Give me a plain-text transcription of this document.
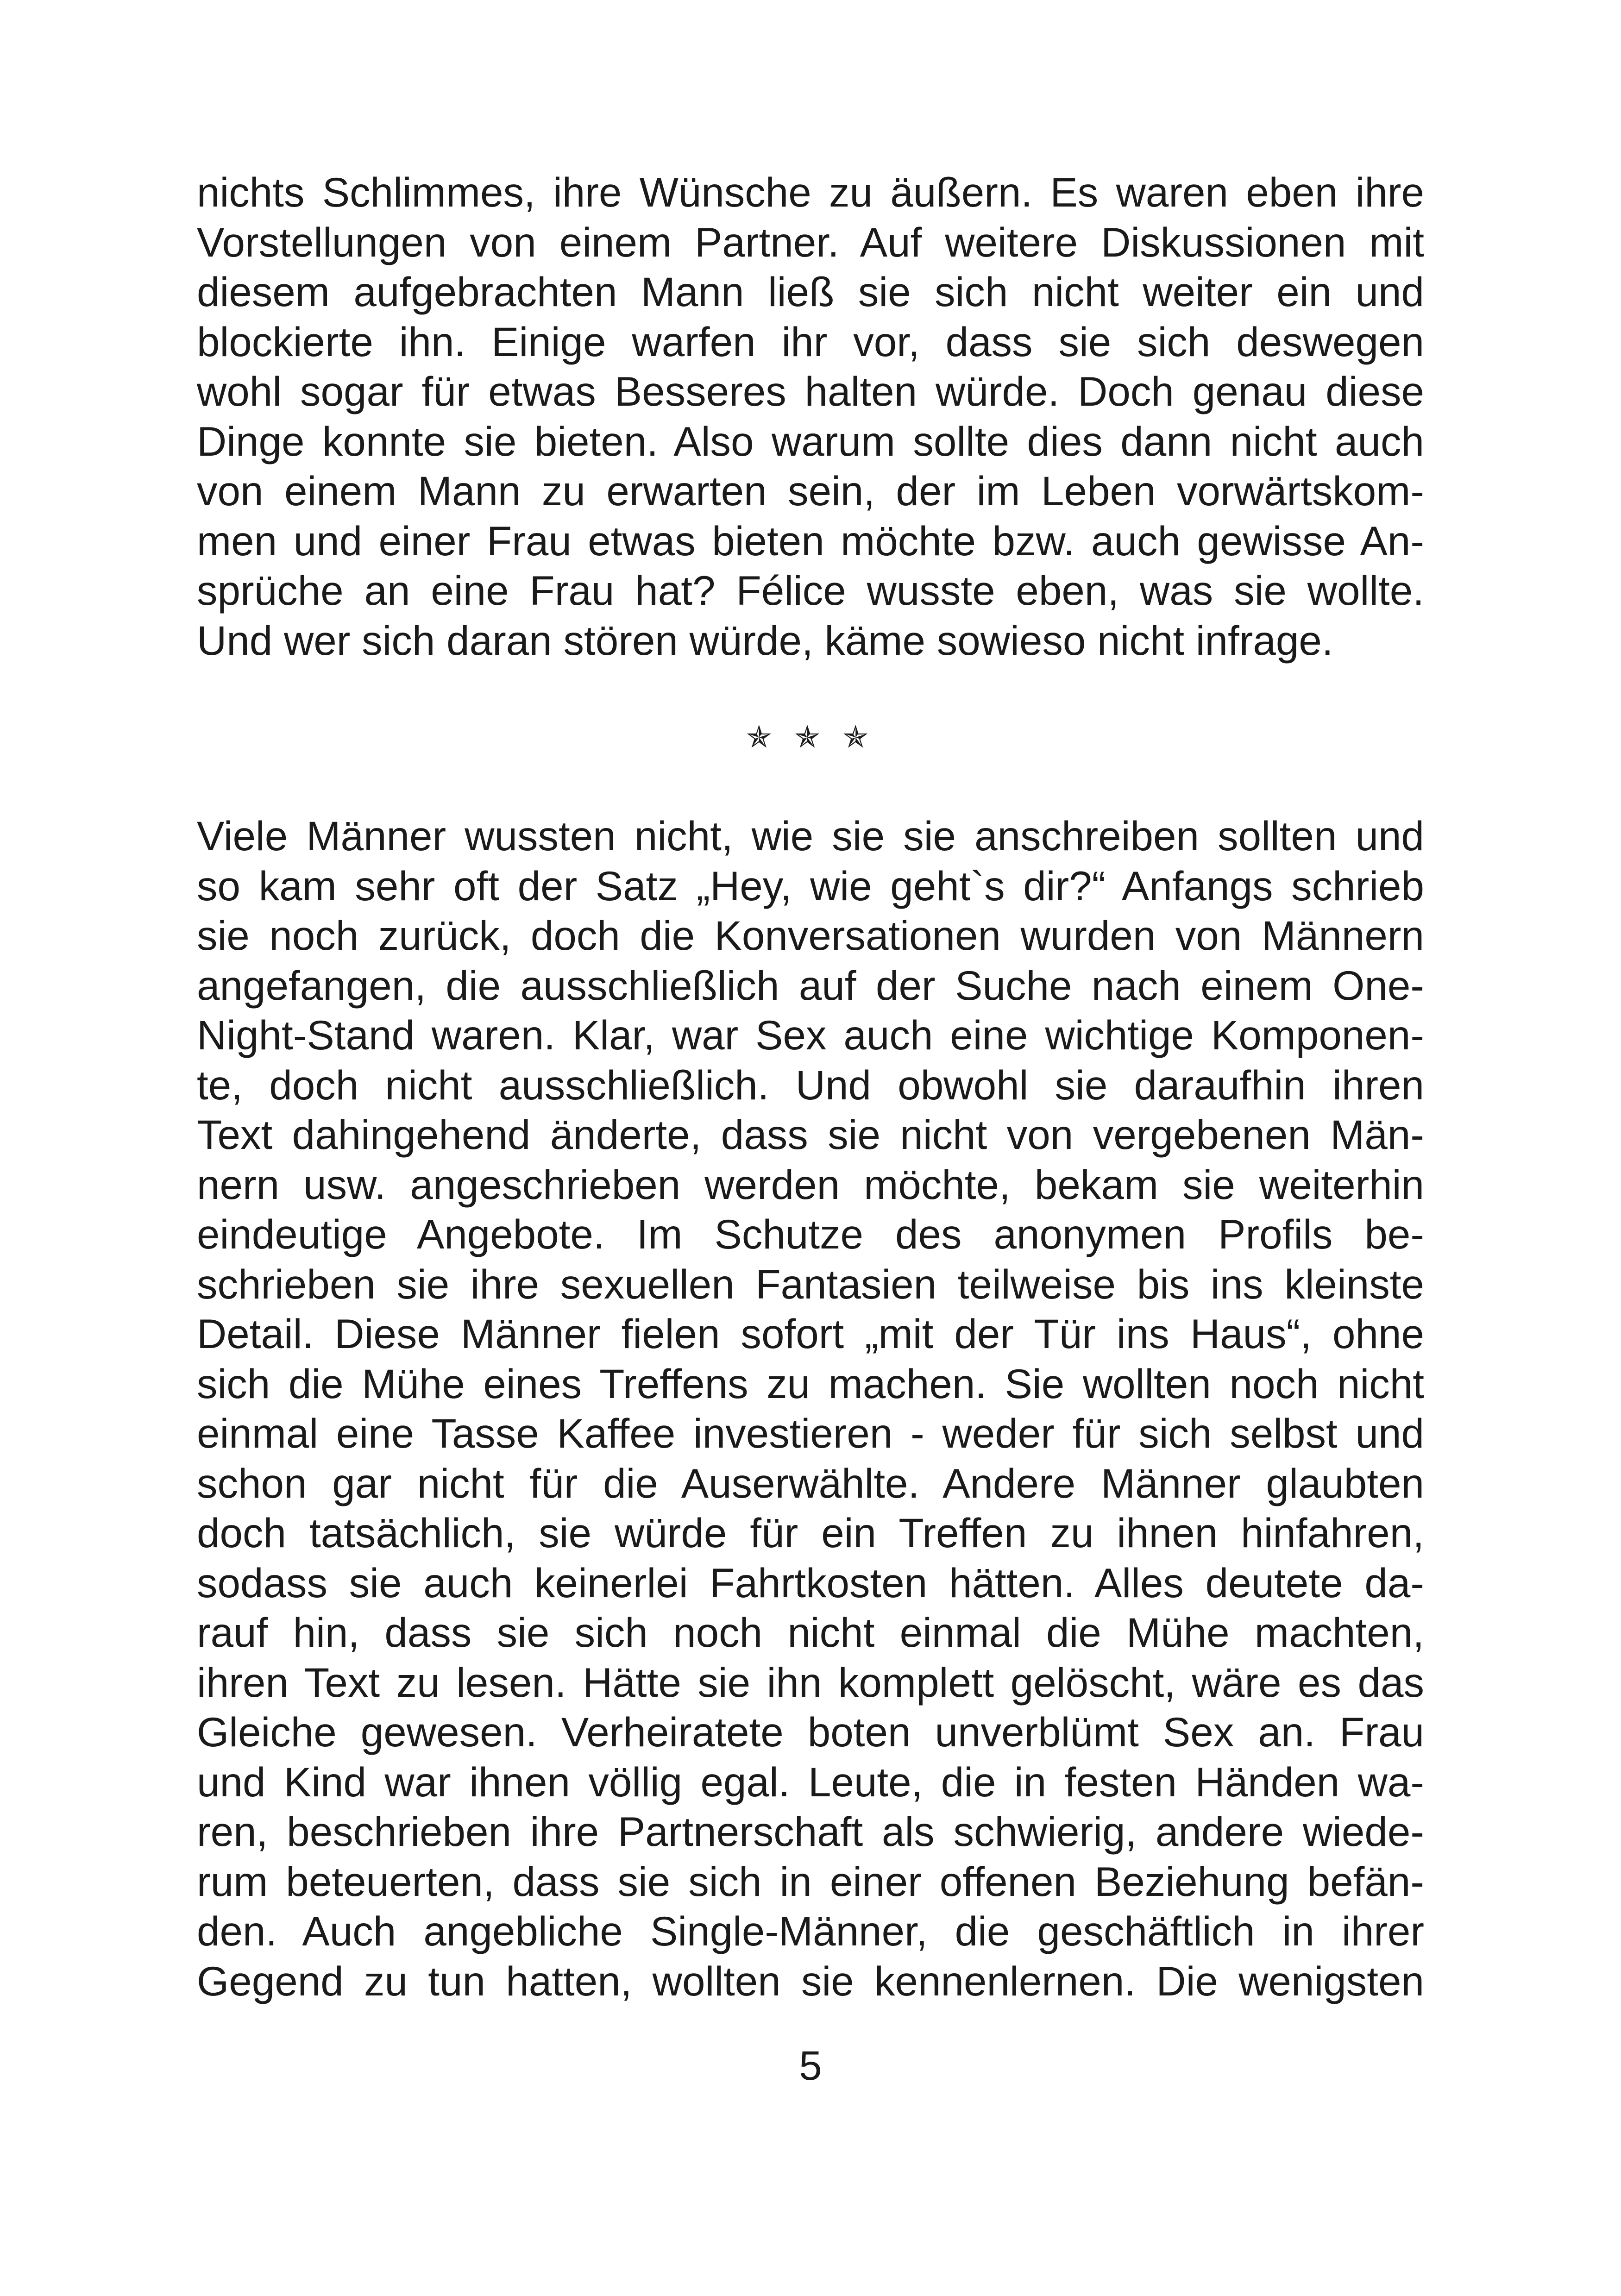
nichts Schlimmes, ihre Wünsche zu äußern. Es waren eben ihre
Vorstellungen von einem Partner. Auf weitere Diskussionen mit
diesem aufgebrachten Mann ließ sie sich nicht weiter ein und
blockierte ihn. Einige warfen ihr vor, dass sie sich deswegen
wohl sogar für etwas Besseres halten würde. Doch genau diese
Dinge konnte sie bieten. Also warum sollte dies dann nicht auch
von einem Mann zu erwarten sein, der im Leben vorwärtskom-
men und einer Frau etwas bieten möchte bzw. auch gewisse An-
sprüche an eine Frau hat? Félice wusste eben, was sie wollte.
Und wer sich daran stören würde, käme sowieso nicht infrage.
✯ ✯ ✯
Viele Männer wussten nicht, wie sie sie anschreiben sollten und
so kam sehr oft der Satz „Hey, wie geht`s dir?“ Anfangs schrieb
sie noch zurück, doch die Konversationen wurden von Männern
angefangen, die ausschließlich auf der Suche nach einem One-
Night-Stand waren. Klar, war Sex auch eine wichtige Komponen-
te, doch nicht ausschließlich. Und obwohl sie daraufhin ihren
Text dahingehend änderte, dass sie nicht von vergebenen Män-
nern usw. angeschrieben werden möchte, bekam sie weiterhin
eindeutige Angebote. Im Schutze des anonymen Profils be-
schrieben sie ihre sexuellen Fantasien teilweise bis ins kleinste
Detail. Diese Männer fielen sofort „mit der Tür ins Haus“, ohne
sich die Mühe eines Treffens zu machen. Sie wollten noch nicht
einmal eine Tasse Kaffee investieren - weder für sich selbst und
schon gar nicht für die Auserwählte. Andere Männer glaubten
doch tatsächlich, sie würde für ein Treffen zu ihnen hinfahren,
sodass sie auch keinerlei Fahrtkosten hätten. Alles deutete da-
rauf hin, dass sie sich noch nicht einmal die Mühe machten,
ihren Text zu lesen. Hätte sie ihn komplett gelöscht, wäre es das
Gleiche gewesen. Verheiratete boten unverblümt Sex an. Frau
und Kind war ihnen völlig egal. Leute, die in festen Händen wa-
ren, beschrieben ihre Partnerschaft als schwierig, andere wiede-
rum beteuerten, dass sie sich in einer offenen Beziehung befän-
den. Auch angebliche Single-Männer, die geschäftlich in ihrer
Gegend zu tun hatten, wollten sie kennenlernen. Die wenigsten
5
